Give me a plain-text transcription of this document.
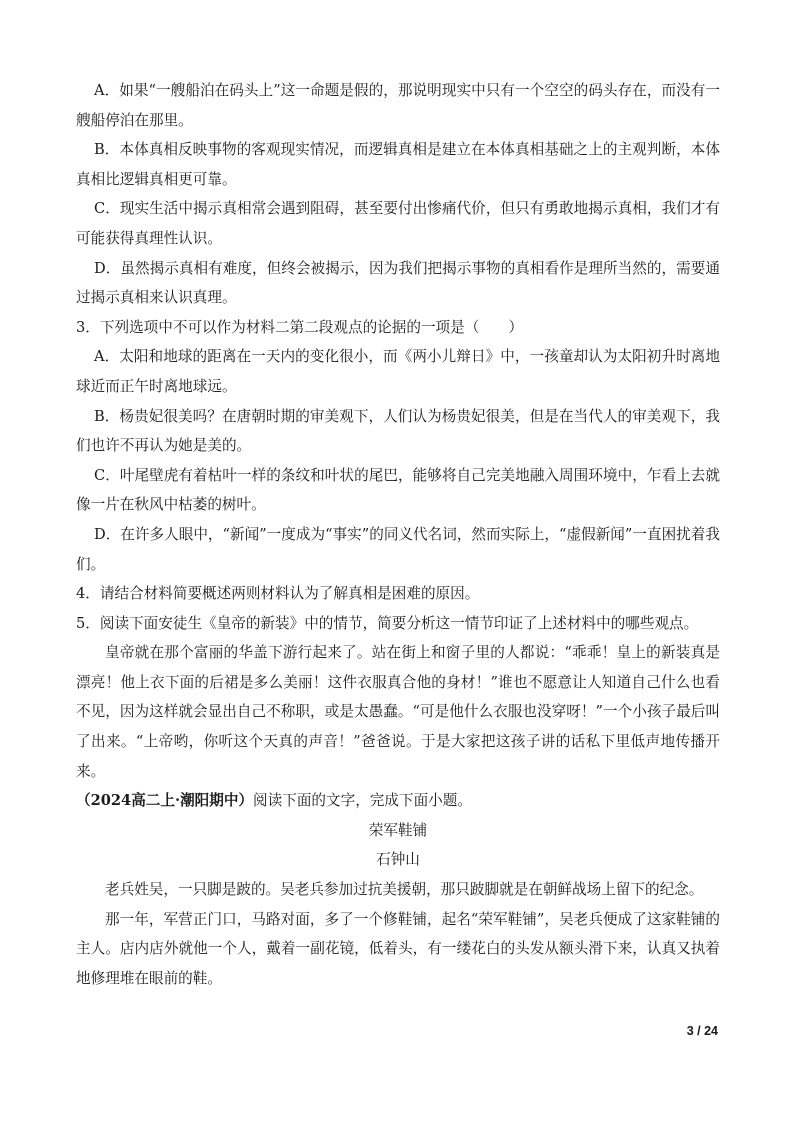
A．如果“一艘船泊在码头上”这一命题是假的，那说明现实中只有一个空空的码头存在，而没有一艘船停泊在那里。

B．本体真相反映事物的客观现实情况，而逻辑真相是建立在本体真相基础之上的主观判断，本体真相比逻辑真相更可靠。

C．现实生活中揭示真相常会遇到阻碍，甚至要付出惨痛代价，但只有勇敢地揭示真相，我们才有可能获得真理性认识。

D．虽然揭示真相有难度，但终会被揭示，因为我们把揭示事物的真相看作是理所当然的，需要通过揭示真相来认识真理。

3．下列选项中不可以作为材料二第二段观点的论据的一项是（　　）

A．太阳和地球的距离在一天内的变化很小，而《两小儿辩日》中，一孩童却认为太阳初升时离地球近而正午时离地球远。

B．杨贵妃很美吗？在唐朝时期的审美观下，人们认为杨贵妃很美，但是在当代人的审美观下，我们也许不再认为她是美的。

C．叶尾壁虎有着枯叶一样的条纹和叶状的尾巴，能够将自己完美地融入周围环境中，乍看上去就像一片在秋风中枯萎的树叶。

D．在许多人眼中，“新闻”一度成为“事实”的同义代名词，然而实际上，“虚假新闻”一直困扰着我们。

4．请结合材料简要概述两则材料认为了解真相是困难的原因。

5．阅读下面安徒生《皇帝的新装》中的情节，简要分析这一情节印证了上述材料中的哪些观点。

皇帝就在那个富丽的华盖下游行起来了。站在街上和窗子里的人都说：“乖乖！皇上的新装真是漂亮！他上衣下面的后裙是多么美丽！这件衣服真合他的身材！”谁也不愿意让人知道自己什么也看不见，因为这样就会显出自己不称职，或是太愚蠢。“可是他什么衣服也没穿呀！”一个小孩子最后叫了出来。“上帝哟，你听这个天真的声音！”爸爸说。于是大家把这孩子讲的话私下里低声地传播开来。

（2024高二上·潮阳期中）阅读下面的文字，完成下面小题。

荣军鞋铺

石钟山

老兵姓吴，一只脚是跛的。吴老兵参加过抗美援朝，那只跛脚就是在朝鲜战场上留下的纪念。

那一年，军营正门口，马路对面，多了一个修鞋铺，起名“荣军鞋铺”，吴老兵便成了这家鞋铺的主人。店内店外就他一个人，戴着一副花镜，低着头，有一缕花白的头发从额头滑下来，认真又执着地修理堆在眼前的鞋。

3 / 24
